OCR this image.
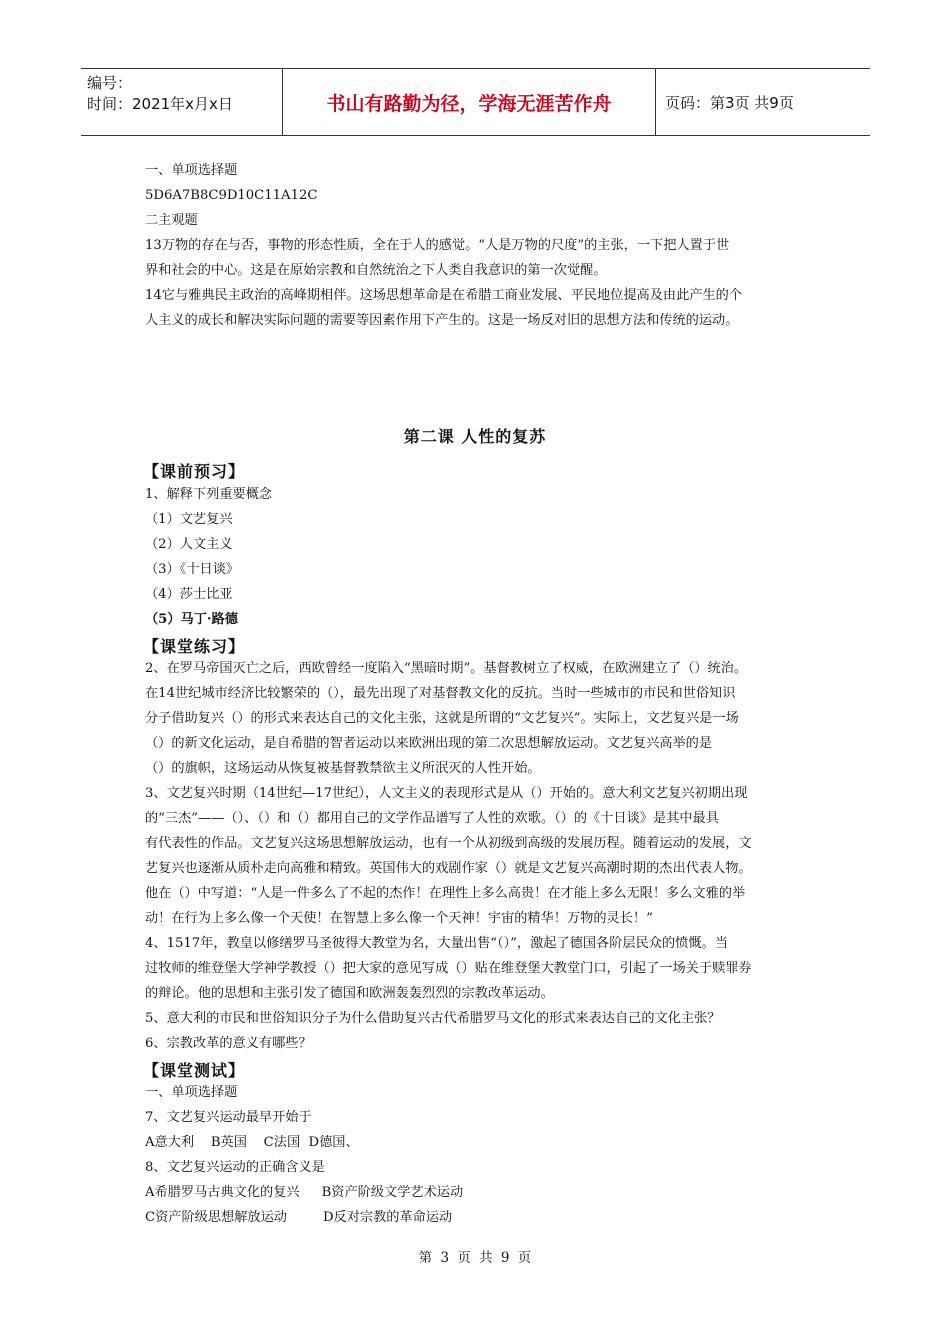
编号：
时间：2021年x月x日	书山有路勤为径，学海无涯苦作舟	页码：第3页 共9页
一、单项选择题
5D6A7B8C9D10C11A12C
二主观题
13万物的存在与否，事物的形态性质，全在于人的感觉。“人是万物的尺度”的主张，一下把人置于世
界和社会的中心。这是在原始宗教和自然统治之下人类自我意识的第一次觉醒。
14它与雅典民主政治的高峰期相伴。这场思想革命是在希腊工商业发展、平民地位提高及由此产生的个
人主义的成长和解决实际问题的需要等因素作用下产生的。这是一场反对旧的思想方法和传统的运动。
第二课 人性的复苏
【课前预习】
1、解释下列重要概念
（1）文艺复兴
（2）人文主义
（3）《十日谈》
（4）莎士比亚
（5）马丁·路德
【课堂练习】
2、在罗马帝国灭亡之后，西欧曾经一度陷入“黑暗时期”。基督教树立了权威，在欧洲建立了（）统治。
在14世纪城市经济比较繁荣的（），最先出现了对基督教文化的反抗。当时一些城市的市民和世俗知识
分子借助复兴（）的形式来表达自己的文化主张，这就是所谓的“文艺复兴”。实际上，文艺复兴是一场
（）的新文化运动，是自希腊的智者运动以来欧洲出现的第二次思想解放运动。文艺复兴高举的是
（）的旗帜，这场运动从恢复被基督教禁欲主义所泯灭的人性开始。
3、文艺复兴时期（14世纪—17世纪），人文主义的表现形式是从（）开始的。意大利文艺复兴初期出现
的“三杰”——（）、（）和（）都用自己的文学作品谱写了人性的欢歌。（）的《十日谈》是其中最具
有代表性的作品。文艺复兴这场思想解放运动，也有一个从初级到高级的发展历程。随着运动的发展，文
艺复兴也逐渐从质朴走向高雅和精致。英国伟大的戏剧作家（）就是文艺复兴高潮时期的杰出代表人物。
他在（）中写道：“人是一件多么了不起的杰作！在理性上多么高贵！在才能上多么无限！多么文雅的举
动！在行为上多么像一个天使！在智慧上多么像一个天神！宇宙的精华！万物的灵长！”
4、1517年，教皇以修缮罗马圣彼得大教堂为名，大量出售“（）”，激起了德国各阶层民众的愤慨。当
过牧师的维登堡大学神学教授（）把大家的意见写成（）贴在维登堡大教堂门口，引起了一场关于赎罪券
的辩论。他的思想和主张引发了德国和欧洲轰轰烈烈的宗教改革运动。
5、意大利的市民和世俗知识分子为什么借助复兴古代希腊罗马文化的形式来表达自己的文化主张？
6、宗教改革的意义有哪些？
【课堂测试】
一、单项选择题
7、文艺复兴运动最早开始于
A意大利    B英国    C法国  D德国、
8、文艺复兴运动的正确含义是
A希腊罗马古典文化的复兴 B资产阶级文学艺术运动
C资产阶级思想解放运动	D反对宗教的革命运动
第 3 页 共 9 页
